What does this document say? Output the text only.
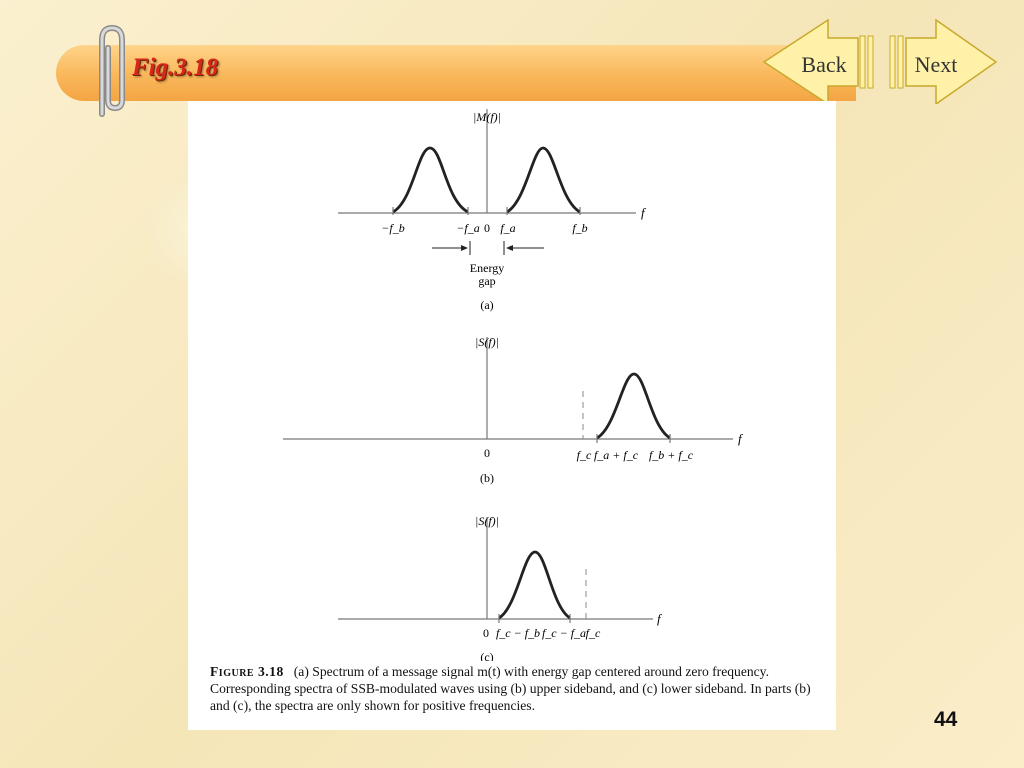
Fig.3.18	Back	Next
|M(f)|
f
−f_b	−f_a 0 f_a	f_b
Energy
gap
(a)
|S(f)|
f
0	f_c f_a + f_c f_b + f_c
(b)
|S(f)|
f
0 f_c − f_b f_c − f_a f_c
(c)
Figure 3.18 (a) Spectrum of a message signal m(t) with energy gap centered around zero frequency. Corresponding spectra of SSB-modulated waves using (b) upper sideband, and (c) lower sideband. In parts (b) and (c), the spectra are only shown for positive frequencies.
44
